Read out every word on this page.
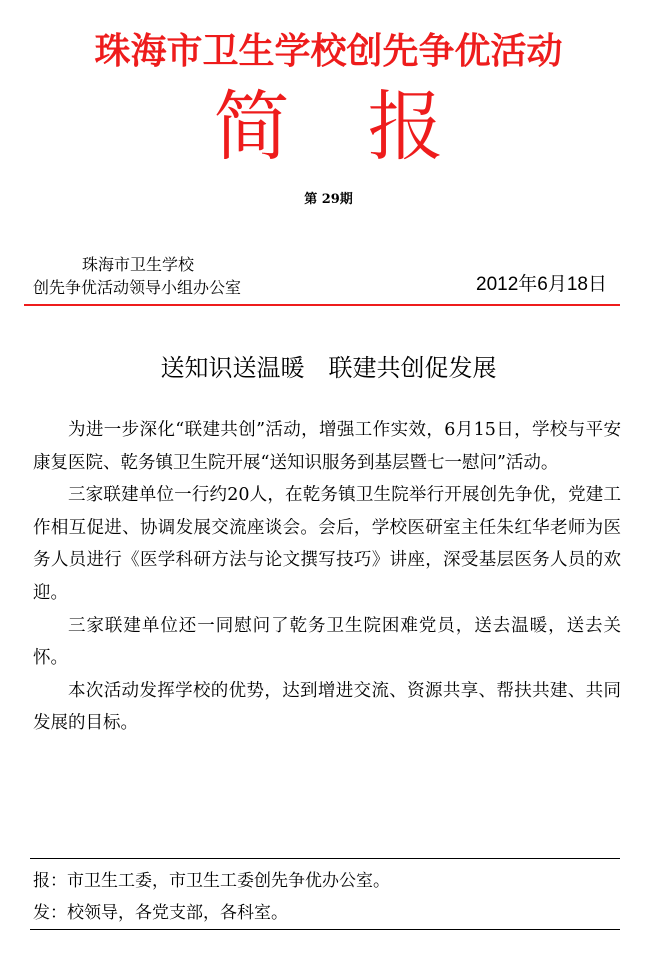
珠海市卫生学校创先争优活动
简报
第 29期
珠海市卫生学校
创先争优活动领导小组办公室	2012年6月18日
送知识送温暖　联建共创促发展

为进一步深化“联建共创”活动，增强工作实效，6月15日，学校与平安康复医院、乾务镇卫生院开展“送知识服务到基层暨七一慰问”活动。

三家联建单位一行约20人，在乾务镇卫生院举行开展创先争优，党建工作相互促进、协调发展交流座谈会。会后，学校医研室主任朱红华老师为医务人员进行《医学科研方法与论文撰写技巧》讲座，深受基层医务人员的欢迎。

三家联建单位还一同慰问了乾务卫生院困难党员，送去温暖，送去关怀。

本次活动发挥学校的优势，达到增进交流、资源共享、帮扶共建、共同发展的目标。

报：市卫生工委，市卫生工委创先争优办公室。
发：校领导，各党支部，各科室。
